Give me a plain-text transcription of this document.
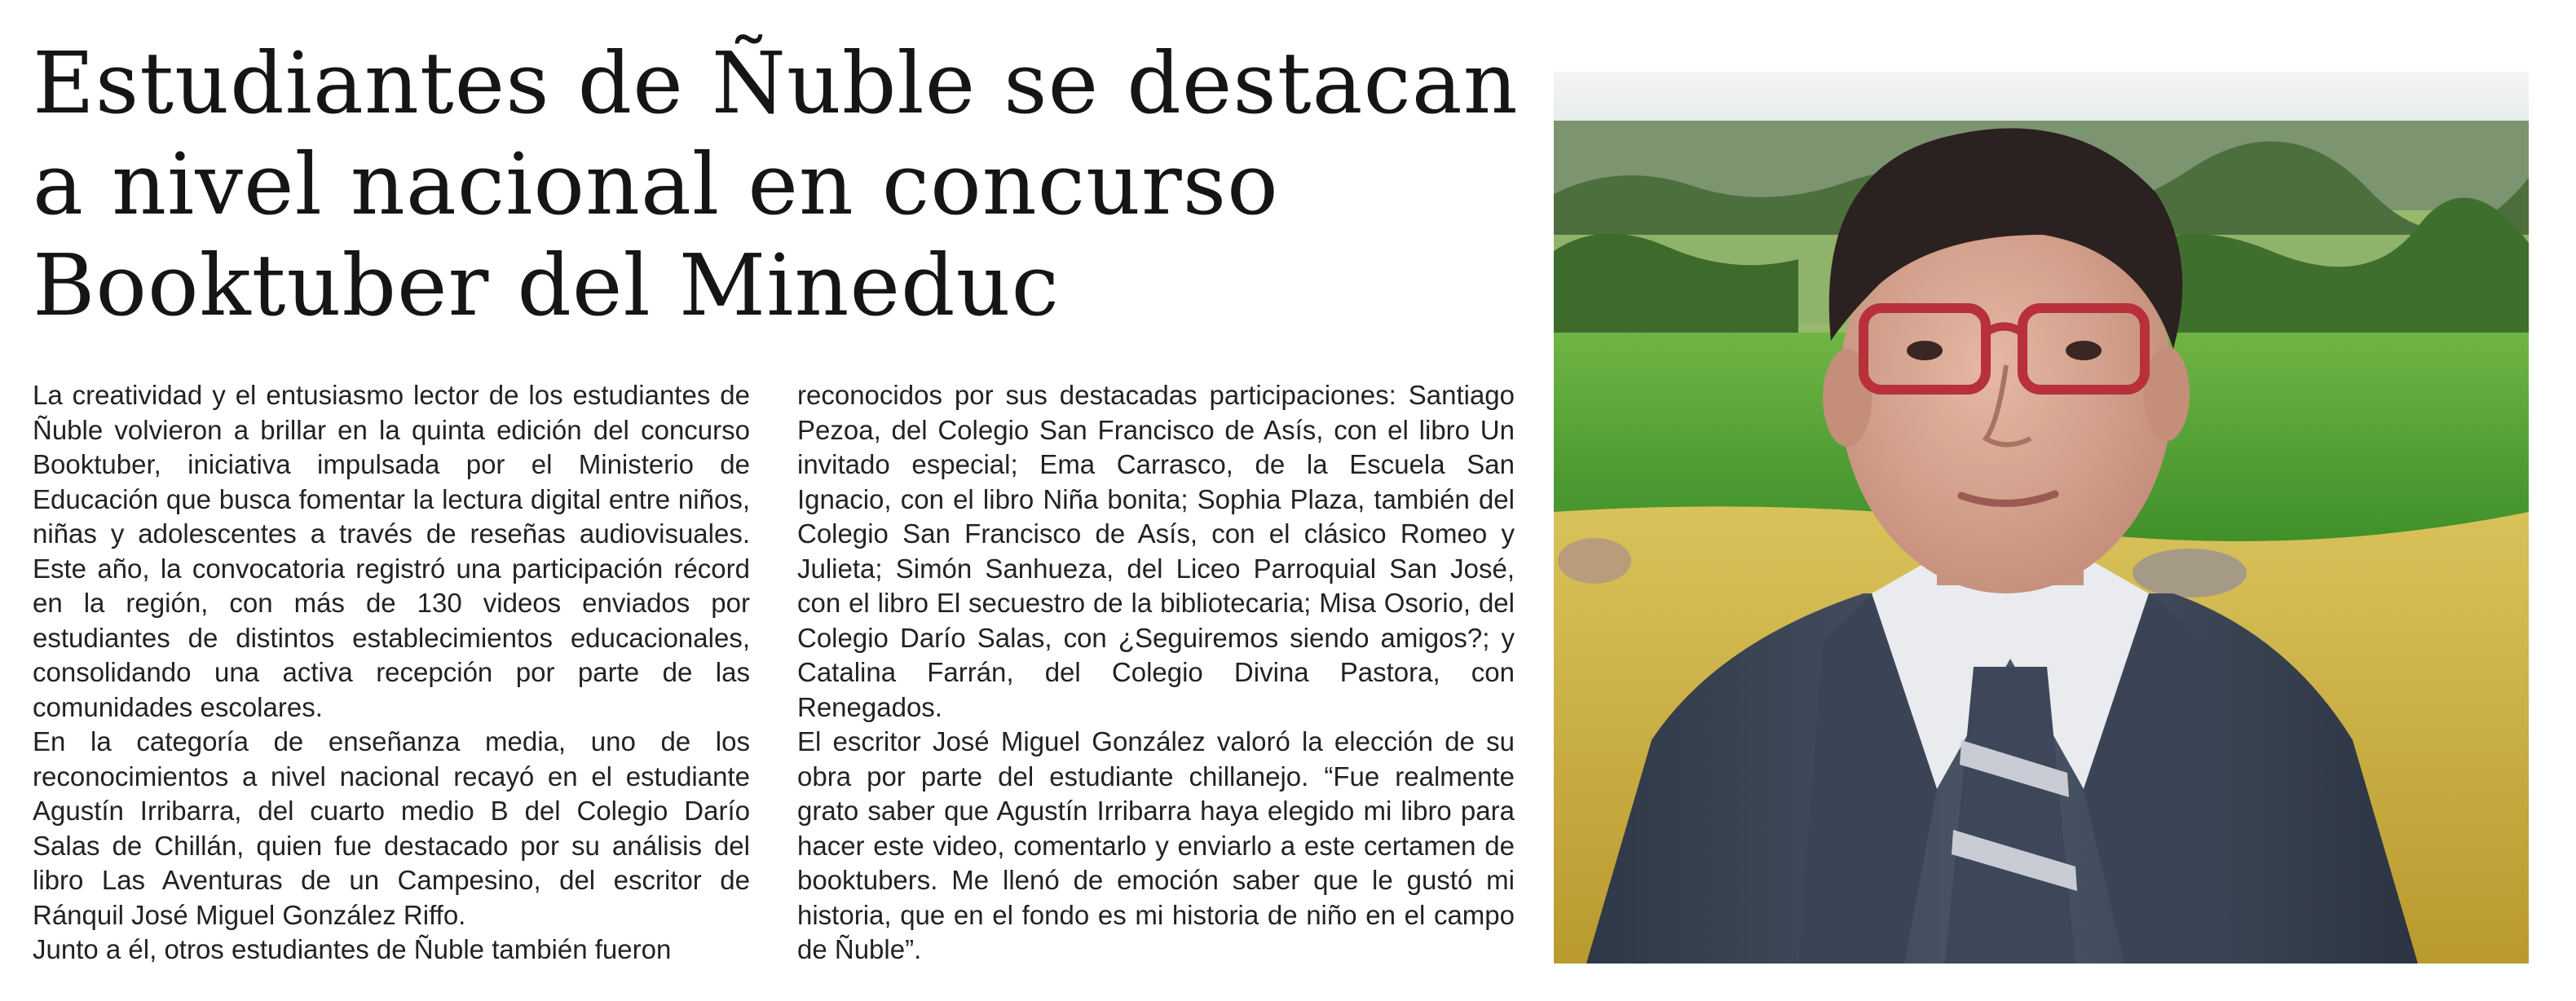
Estudiantes de Ñuble se destacan
a nivel nacional en concurso
Booktuber del Mineduc

La creatividad y el entusiasmo lector de los estudiantes de Ñuble volvieron a brillar en la quinta edición del concurso Booktuber, iniciativa impulsada por el Ministerio de Educación que busca fomentar la lectura digital entre niños, niñas y adolescentes a través de reseñas audiovisuales. Este año, la convocatoria registró una participación récord en la región, con más de 130 videos enviados por estudiantes de distintos establecimientos educacionales, consolidando una activa recepción por parte de las comunidades escolares.

En la categoría de enseñanza media, uno de los reconocimientos a nivel nacional recayó en el estudiante Agustín Irribarra, del cuarto medio B del Colegio Darío Salas de Chillán, quien fue destacado por su análisis del libro Las Aventuras de un Campesino, del escritor de Ránquil José Miguel González Riffo.

Junto a él, otros estudiantes de Ñuble también fueron

reconocidos por sus destacadas participaciones: Santiago Pezoa, del Colegio San Francisco de Asís, con el libro Un invitado especial; Ema Carrasco, de la Escuela San Ignacio, con el libro Niña bonita; Sophia Plaza, también del Colegio San Francisco de Asís, con el clásico Romeo y Julieta; Simón Sanhueza, del Liceo Parroquial San José, con el libro El secuestro de la bibliotecaria; Misa Osorio, del Colegio Darío Salas, con ¿Seguiremos siendo amigos?; y Catalina Farrán, del Colegio Divina Pastora, con Renegados.

El escritor José Miguel González valoró la elección de su obra por parte del estudiante chillanejo. “Fue realmente grato saber que Agustín Irribarra haya elegido mi libro para hacer este video, comentarlo y enviarlo a este certamen de booktubers. Me llenó de emoción saber que le gustó mi historia, que en el fondo es mi historia de niño en el campo de Ñuble”.
